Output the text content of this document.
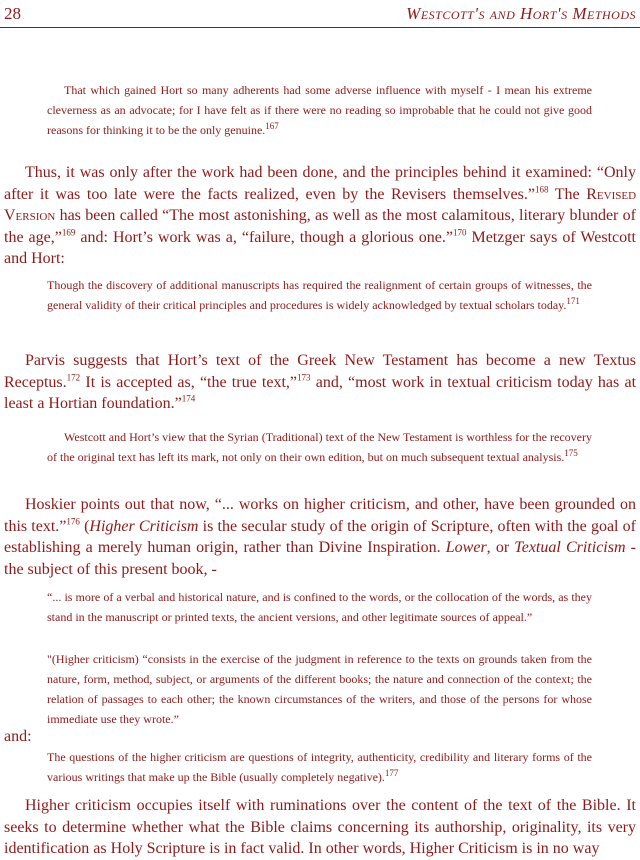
28	Westcott's and Hort's Methods

That which gained Hort so many adherents had some adverse influence with myself - I mean his extreme cleverness as an advocate; for I have felt as if there were no reading so improbable that he could not give good reasons for thinking it to be the only genuine.$^{167}$

Thus, it was only after the work had been done, and the principles behind it examined: “Only after it was too late were the facts realized, even by the Revisers themselves.”$^{168}$ The Revised Version has been called “The most astonishing, as well as the most calamitous, literary blunder of the age,”$^{169}$ and: Hort’s work was a, “failure, though a glorious one.”$^{170}$ Metzger says of Westcott and Hort:

Though the discovery of additional manuscripts has required the realignment of certain groups of witnesses, the general validity of their critical principles and procedures is widely acknowledged by textual scholars today.$^{171}$

Parvis suggests that Hort’s text of the Greek New Testament has become a new Textus Receptus.$^{172}$ It is accepted as, “the true text,”$^{173}$ and, “most work in textual criticism today has at least a Hortian foundation.”$^{174}$

Westcott and Hort’s view that the Syrian (Traditional) text of the New Testament is worthless for the recovery of the original text has left its mark, not only on their own edition, but on much subsequent textual analysis.$^{175}$

Hoskier points out that now, “... works on higher criticism, and other, have been grounded on this text.”$^{176}$ (Higher Criticism is the secular study of the origin of Scripture, often with the goal of establishing a merely human origin, rather than Divine Inspiration. Lower, or Textual Criticism - the subject of this present book, -

“... is more of a verbal and historical nature, and is confined to the words, or the collocation of the words, as they stand in the manuscript or printed texts, the ancient versions, and other legitimate sources of appeal.”

"(Higher criticism) “consists in the exercise of the judgment in reference to the texts on grounds taken from the nature, form, method, subject, or arguments of the different books; the nature and connection of the context; the relation of passages to each other; the known circumstances of the writers, and those of the persons for whose immediate use they wrote.”

and:

The questions of the higher criticism are questions of integrity, authenticity, credibility and literary forms of the various writings that make up the Bible (usually completely negative).$^{177}$

Higher criticism occupies itself with ruminations over the content of the text of the Bible. It seeks to determine whether what the Bible claims concerning its authorship, originality, its very identification as Holy Scripture is in fact valid. In other words, Higher Criticism is in no way
